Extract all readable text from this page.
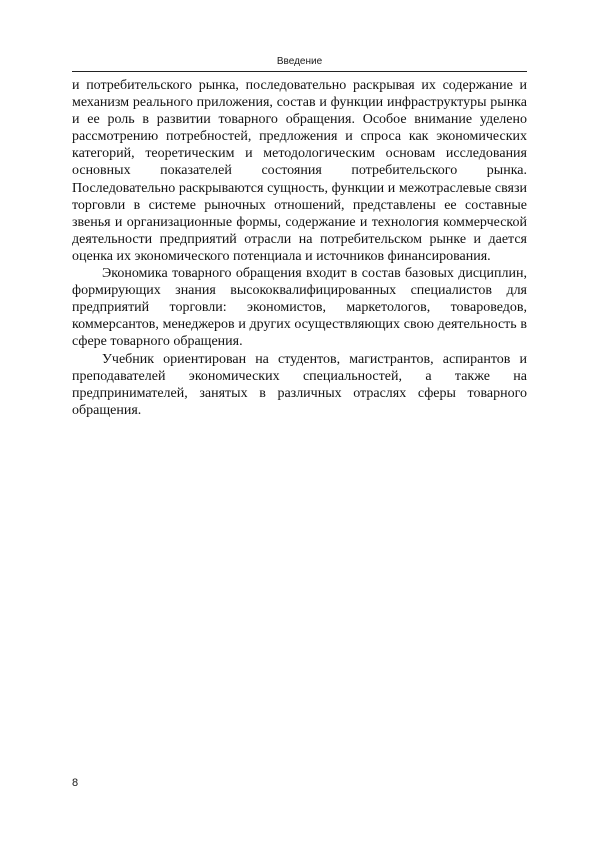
Введение

и потребительского рынка, последовательно раскрывая их содержание и механизм реального приложения, состав и функции инфраструктуры рынка и ее роль в развитии товарного обращения. Особое внимание уделено рассмотрению потребностей, предложения и спроса как экономических категорий, теоретическим и методологическим основам исследования основных показателей состояния потребительского рынка. Последовательно раскрываются сущность, функции и межотраслевые связи торговли в системе рыночных отношений, представлены ее составные звенья и организационные формы, содержание и технология коммерческой деятельности предприятий отрасли на потребительском рынке и дается оценка их экономического потенциала и источников финансирования.

Экономика товарного обращения входит в состав базовых дисциплин, формирующих знания высококвалифицированных специалистов для предприятий торговли: экономистов, маркетологов, товароведов, коммерсантов, менеджеров и других осуществляющих свою деятельность в сфере товарного обращения.

Учебник ориентирован на студентов, магистрантов, аспирантов и преподавателей экономических специальностей, а также на предпринимателей, занятых в различных отраслях сферы товарного обращения.

8
